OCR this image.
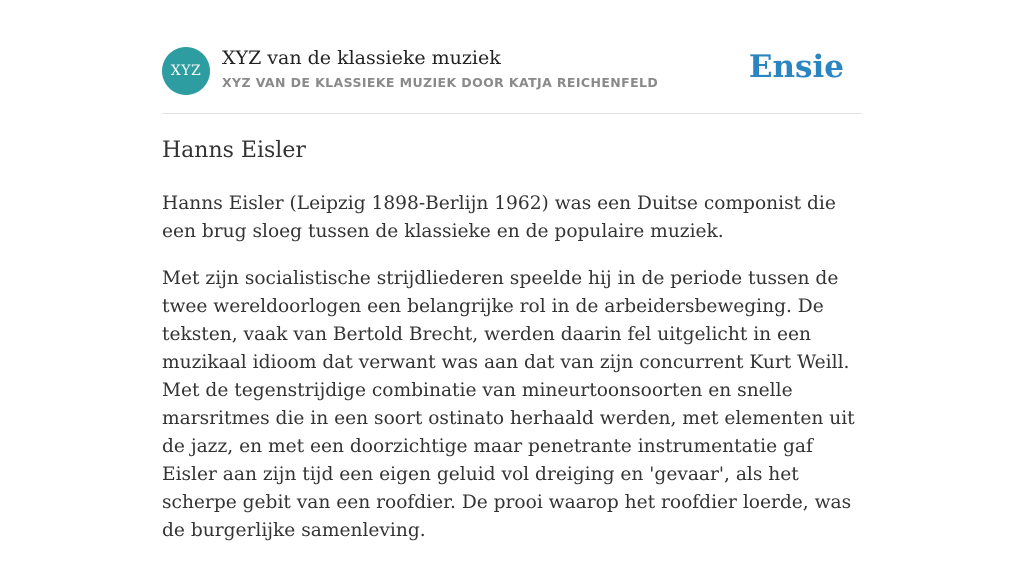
XYZ
XYZ van de klassieke muziek
XYZ VAN DE KLASSIEKE MUZIEK DOOR KATJA REICHENFELD	Ensie
Hanns Eisler

Hanns Eisler (Leipzig 1898-Berlijn 1962) was een Duitse componist die een brug sloeg tussen de klassieke en de populaire muziek.

Met zijn socialistische strijdliederen speelde hij in de periode tussen de twee wereldoorlogen een belangrijke rol in de arbeidersbeweging. De teksten, vaak van Bertold Brecht, werden daarin fel uitgelicht in een muzikaal idioom dat verwant was aan dat van zijn concurrent Kurt Weill. Met de tegenstrijdige combinatie van mineurtoonsoorten en snelle marsritmes die in een soort ostinato herhaald werden, met elementen uit de jazz, en met een doorzichtige maar penetrante instrumentatie gaf Eisler aan zijn tijd een eigen geluid vol dreiging en 'gevaar', als het scherpe gebit van een roofdier. De prooi waarop het roofdier loerde, was de burgerlijke samenleving.
